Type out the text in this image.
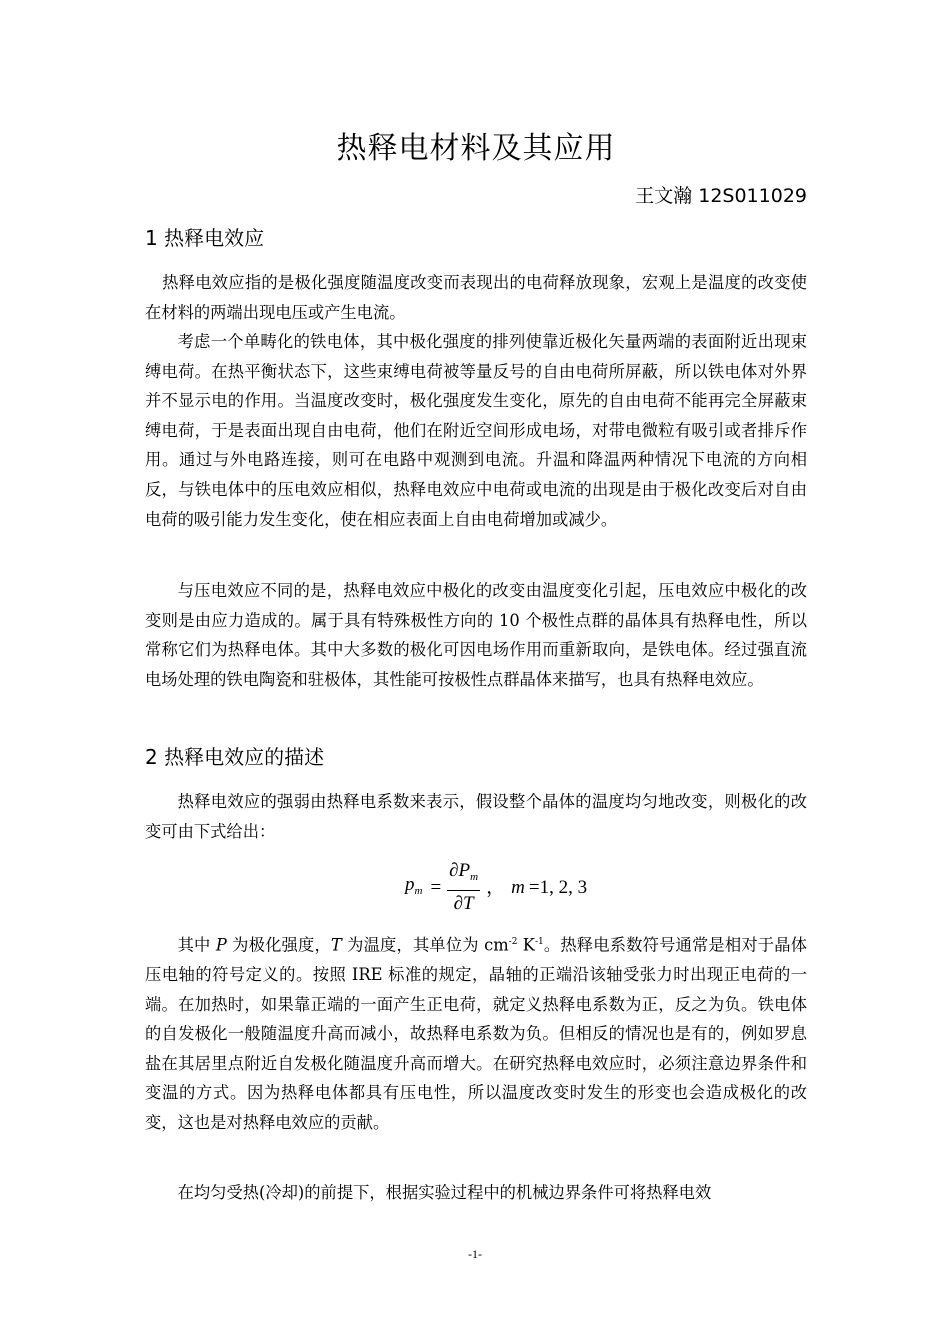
热释电材料及其应用
王文瀚 12S011029
1 热释电效应

热释电效应指的是极化强度随温度改变而表现出的电荷释放现象，宏观上是温度的改变使在材料的两端出现电压或产生电流。

考虑一个单畴化的铁电体，其中极化强度的排列使靠近极化矢量两端的表面附近出现束缚电荷。在热平衡状态下，这些束缚电荷被等量反号的自由电荷所屏蔽，所以铁电体对外界并不显示电的作用。当温度改变时，极化强度发生变化，原先的自由电荷不能再完全屏蔽束缚电荷，于是表面出现自由电荷，他们在附近空间形成电场，对带电微粒有吸引或者排斥作用。通过与外电路连接，则可在电路中观测到电流。升温和降温两种情况下电流的方向相反，与铁电体中的压电效应相似，热释电效应中电荷或电流的出现是由于极化改变后对自由电荷的吸引能力发生变化，使在相应表面上自由电荷增加或减少。

与压电效应不同的是，热释电效应中极化的改变由温度变化引起，压电效应中极化的改变则是由应力造成的。属于具有特殊极性方向的 10 个极性点群的晶体具有热释电性，所以常称它们为热释电体。其中大多数的极化可因电场作用而重新取向，是铁电体。经过强直流电场处理的铁电陶瓷和驻极体，其性能可按极性点群晶体来描写，也具有热释电效应。

2 热释电效应的描述

热释电效应的强弱由热释电系数来表示，假设整个晶体的温度均匀地改变，则极化的改变可由下式给出：

$p_m = \frac{\partial P_m}{\partial T}$ ， m =1, 2, 3

其中 P 为极化强度，T 为温度，其单位为 $cm^{-2}$ $K^{-1}$。热释电系数符号通常是相对于晶体压电轴的符号定义的。按照 IRE 标准的规定，晶轴的正端沿该轴受张力时出现正电荷的一端。在加热时，如果靠正端的一面产生正电荷，就定义热释电系数为正，反之为负。铁电体的自发极化一般随温度升高而减小，故热释电系数为负。但相反的情况也是有的，例如罗息盐在其居里点附近自发极化随温度升高而增大。在研究热释电效应时，必须注意边界条件和变温的方式。因为热释电体都具有压电性，所以温度改变时发生的形变也会造成极化的改变，这也是对热释电效应的贡献。

在均匀受热(冷却)的前提下，根据实验过程中的机械边界条件可将热释电效

-1-
